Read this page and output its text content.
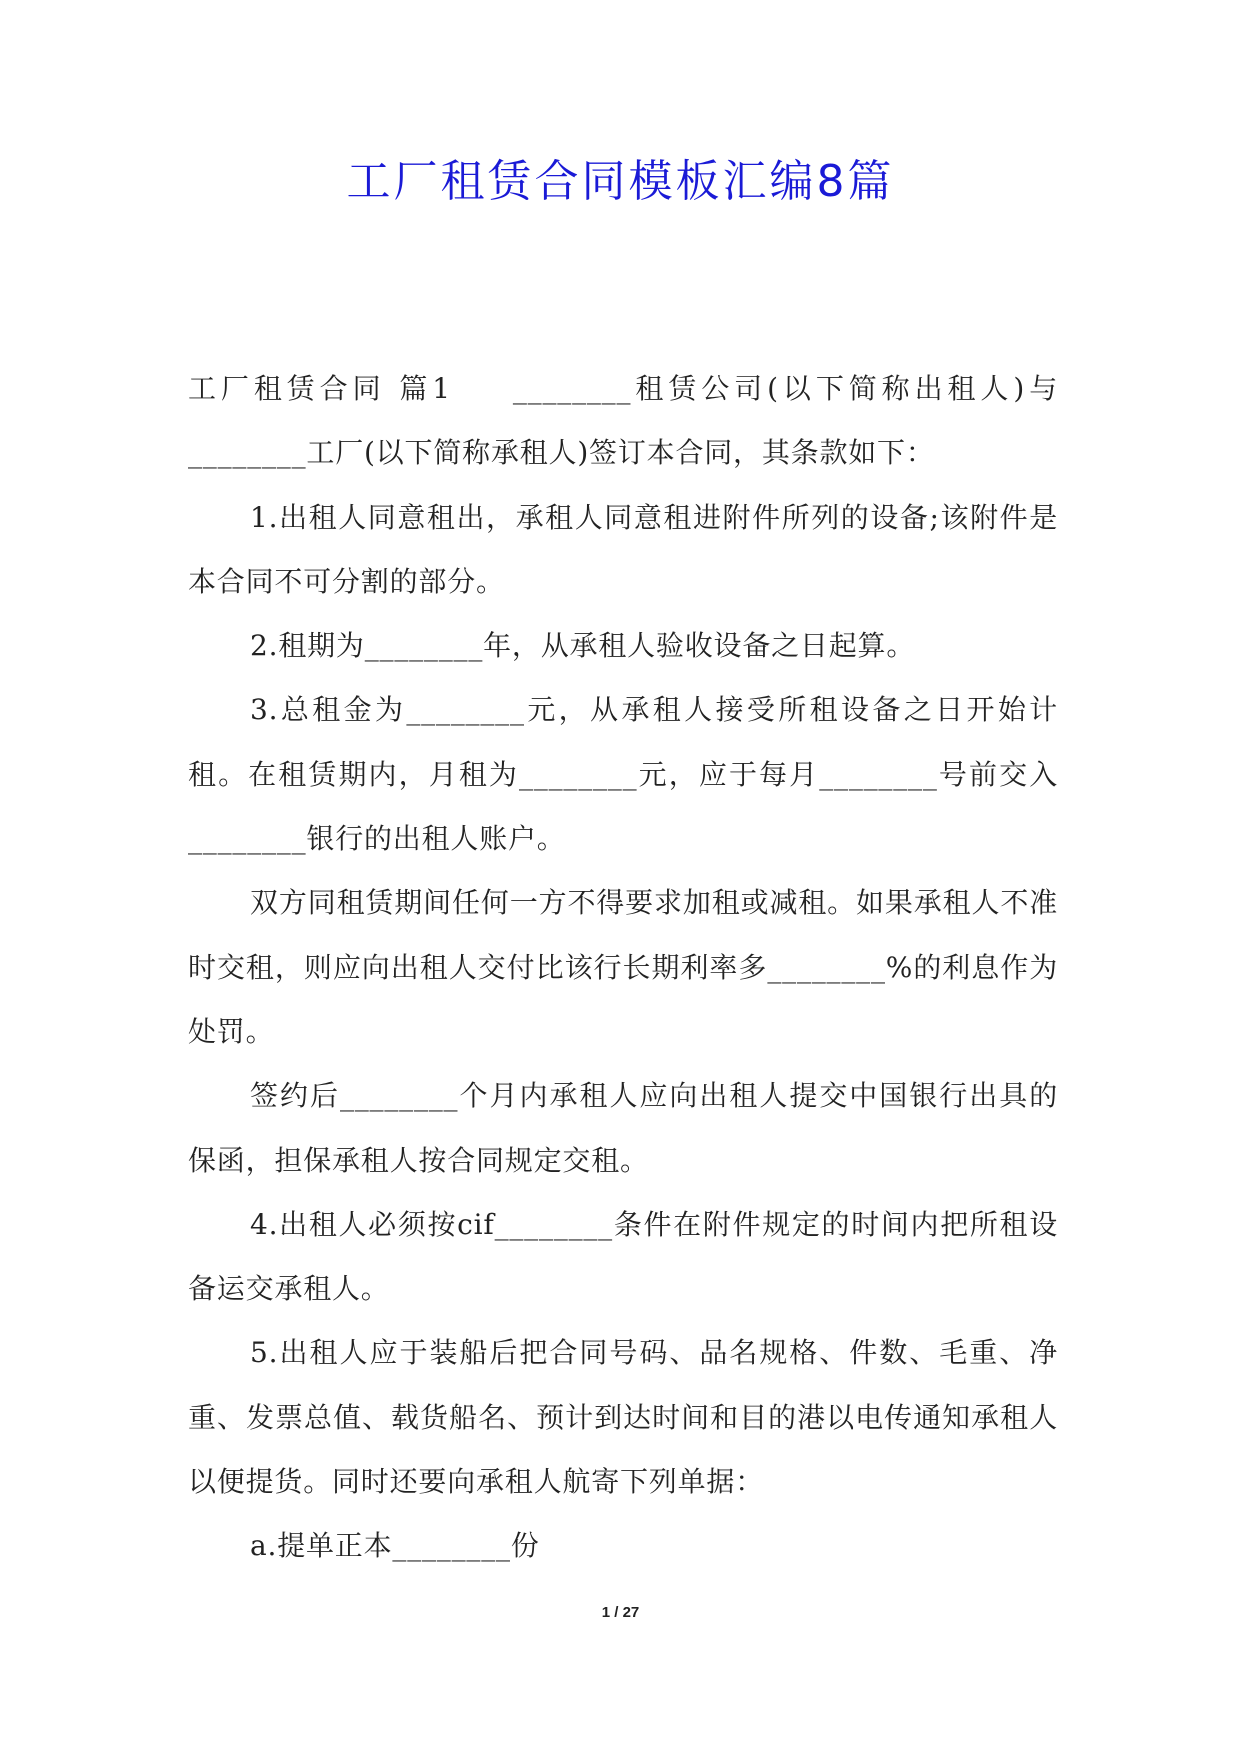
工厂租赁合同模板汇编8篇

工厂租赁合同 篇1 ________租赁公司(以下简称出租人)与________工厂(以下简称承租人)签订本合同，其条款如下：

1.出租人同意租出，承租人同意租进附件所列的设备;该附件是本合同不可分割的部分。

2.租期为________年，从承租人验收设备之日起算。

3.总租金为________元，从承租人接受所租设备之日开始计租。在租赁期内，月租为________元，应于每月________号前交入________银行的出租人账户。

双方同租赁期间任何一方不得要求加租或减租。如果承租人不准时交租，则应向出租人交付比该行长期利率多________%的利息作为处罚。

签约后________个月内承租人应向出租人提交中国银行出具的保函，担保承租人按合同规定交租。

4.出租人必须按cif________条件在附件规定的时间内把所租设备运交承租人。

5.出租人应于装船后把合同号码、品名规格、件数、毛重、净重、发票总值、载货船名、预计到达时间和目的港以电传通知承租人以便提货。同时还要向承租人航寄下列单据：

a.提单正本________份

1 / 27
